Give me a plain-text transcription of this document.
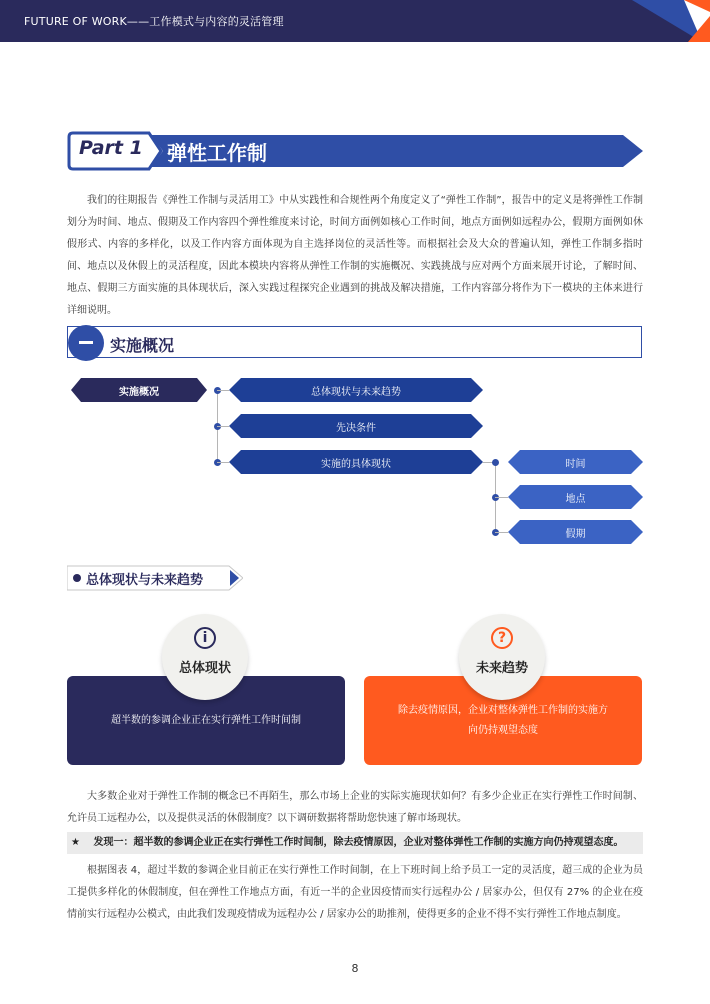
FUTURE OF WORK——工作模式与内容的灵活管理
Part 1 弹性工作制

我们的往期报告《弹性工作制与灵活用工》中从实践性和合规性两个角度定义了“弹性工作制”，报告中的定义是将弹性工作制划分为时间、地点、假期及工作内容四个弹性维度来讨论，时间方面例如核心工作时间，地点方面例如远程办公，假期方面例如休假形式、内容的多样化，以及工作内容方面体现为自主选择岗位的灵活性等。而根据社会及大众的普遍认知，弹性工作制多指时间、地点以及休假上的灵活程度，因此本模块内容将从弹性工作制的实施概况、实践挑战与应对两个方面来展开讨论，了解时间、地点、假期三方面实施的具体现状后，深入实践过程探究企业遇到的挑战及解决措施，工作内容部分将作为下一模块的主体来进行详细说明。

实施概况
实施概况	总体现状与未来趋势
先决条件
实施的具体现状	时间
地点
假期
总体现状与未来趋势
超半数的参调企业正在实行弹性工作时间制
i
总体现状
除去疫情原因，企业对整体弹性工作制的实施方向仍持观望态度
?
未来趋势

大多数企业对于弹性工作制的概念已不再陌生，那么市场上企业的实际实施现状如何？有多少企业正在实行弹性工作时间制、允许员工远程办公，以及提供灵活的休假制度？以下调研数据将帮助您快速了解市场现状。

★ 发现一：超半数的参调企业正在实行弹性工作时间制，除去疫情原因，企业对整体弹性工作制的实施方向仍持观望态度。

根据图表 4，超过半数的参调企业目前正在实行弹性工作时间制，在上下班时间上给予员工一定的灵活度，超三成的企业为员工提供多样化的休假制度，但在弹性工作地点方面，有近一半的企业因疫情而实行远程办公 / 居家办公，但仅有 27% 的企业在疫情前实行远程办公模式，由此我们发现疫情成为远程办公 / 居家办公的助推剂，使得更多的企业不得不实行弹性工作地点制度。

8
